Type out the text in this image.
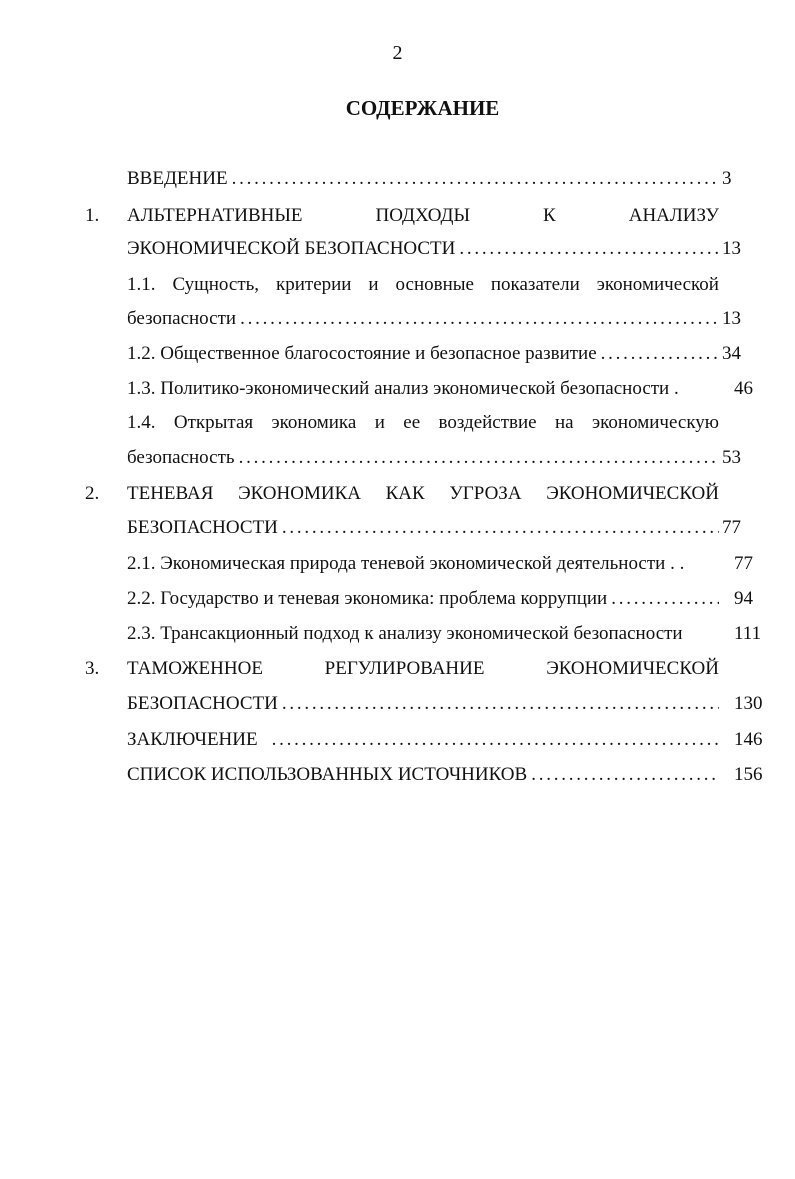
2
СОДЕРЖАНИЕ
ВВЕДЕНИЕ . . .	3
1. АЛЬТЕРНАТИВНЫЕ	ПОДХОДЫ	К	АНАЛИЗУ
ЭКОНОМИЧЕСКОЙ БЕЗОПАСНОСТИ . . .	13
1.1. Сущность, критерии и основные показатели экономической
безопасности . . .	13
1.2. Общественное благосостояние и безопасное развитие . . .	34
1.3. Политико-экономический анализ экономической безопасности .	46
1.4. Открытая экономика и ее воздействие на экономическую
безопасность . . .	53
2. ТЕНЕВАЯ ЭКОНОМИКА КАК УГРОЗА ЭКОНОМИЧЕСКОЙ
БЕЗОПАСНОСТИ . . .	77
2.1. Экономическая природа теневой экономической деятельности . .	77
2.2. Государство и теневая экономика: проблема коррупции . . .	94
2.3. Трансакционный подход к анализу экономической безопасности	111
3. ТАМОЖЕННОЕ	РЕГУЛИРОВАНИЕ	ЭКОНОМИЧЕСКОЙ
БЕЗОПАСНОСТИ . . .	130
ЗАКЛЮЧЕНИЕ . . .	146
СПИСОК ИСПОЛЬЗОВАННЫХ ИСТОЧНИКОВ . . .	156
